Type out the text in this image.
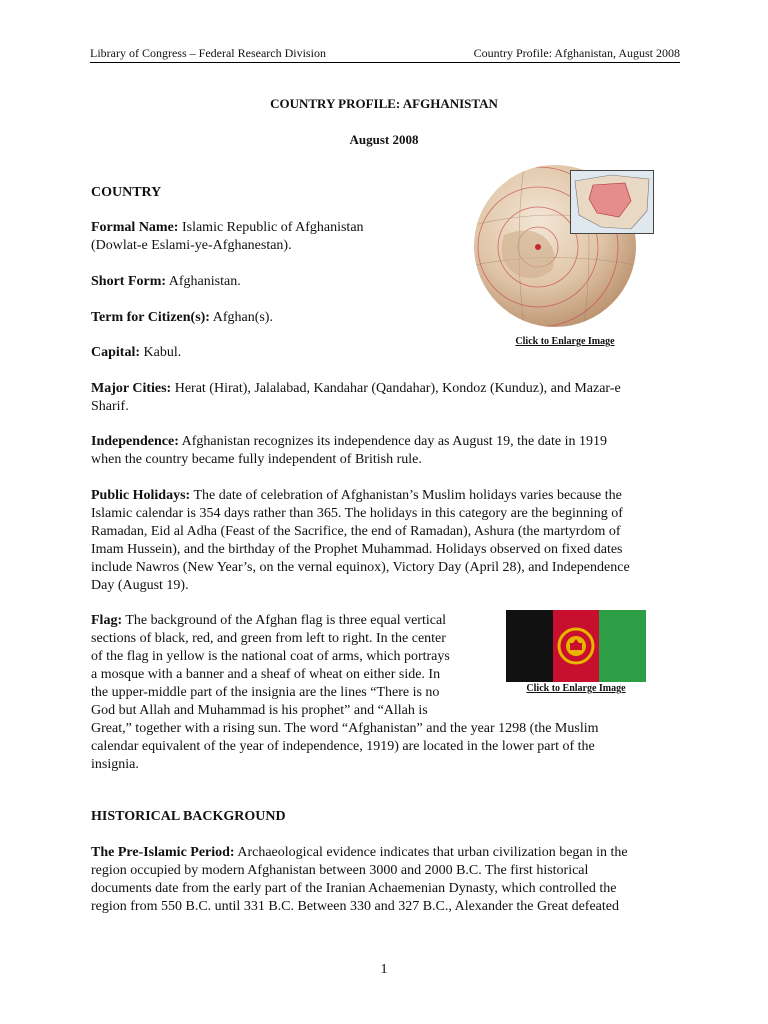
Library of Congress – Federal Research Division	Country Profile: Afghanistan, August 2008
COUNTRY PROFILE: AFGHANISTAN
August 2008
COUNTRY
Formal Name: Islamic Republic of Afghanistan
(Dowlat-e Eslami-ye-Afghanestan).
Short Form: Afghanistan.
Term for Citizen(s): Afghan(s).
Capital: Kabul.
Major Cities: Herat (Hirat), Jalalabad, Kandahar (Qandahar), Kondoz (Kunduz), and Mazar-e
Sharif.
Independence: Afghanistan recognizes its independence day as August 19, the date in 1919
when the country became fully independent of British rule.
Public Holidays: The date of celebration of Afghanistan’s Muslim holidays varies because the
Islamic calendar is 354 days rather than 365. The holidays in this category are the beginning of
Ramadan, Eid al Adha (Feast of the Sacrifice, the end of Ramadan), Ashura (the martyrdom of
Imam Hussein), and the birthday of the Prophet Muhammad. Holidays observed on fixed dates
include Nawros (New Year’s, on the vernal equinox), Victory Day (April 28), and Independence
Day (August 19).
Click to Enlarge Image
Flag: The background of the Afghan flag is three equal vertical
sections of black, red, and green from left to right. In the center
of the flag in yellow is the national coat of arms, which portrays
a mosque with a banner and a sheaf of wheat on either side. In
the upper-middle part of the insignia are the lines “There is no
God but Allah and Muhammad is his prophet” and “Allah is
Great,” together with a rising sun. The word “Afghanistan” and the year 1298 (the Muslim
calendar equivalent of the year of independence, 1919) are located in the lower part of the
insignia.
Click to Enlarge Image
HISTORICAL BACKGROUND
The Pre-Islamic Period: Archaeological evidence indicates that urban civilization began in the
region occupied by modern Afghanistan between 3000 and 2000 B.C. The first historical
documents date from the early part of the Iranian Achaemenian Dynasty, which controlled the
region from 550 B.C. until 331 B.C. Between 330 and 327 B.C., Alexander the Great defeated
1
